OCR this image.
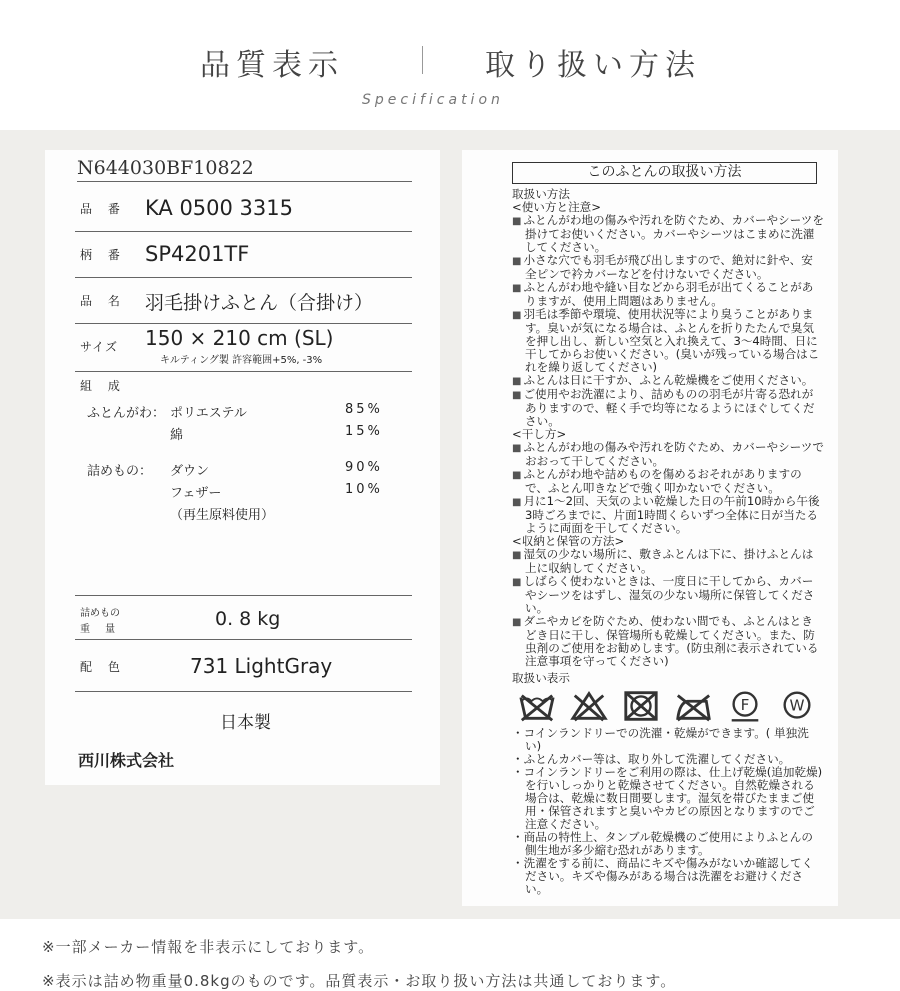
品質表示	取り扱い方法
Specification
N644030BF10822
品 番 KA 0500 3315
柄 番 SP4201TF
品 名 羽毛掛けふとん（合掛け）
サイズ 150 × 210 cm (SL)
キルティング製 許容範囲+5%, -3%
組 成
ふとんがわ： ポリエステル	85%
綿	15%
詰めもの： ダウン	90%
フェザー	10%
（再生原料使用）
詰めもの
重 量	0. 8 kg
配 色	731 LightGray
日本製
西川株式会社
このふとんの取扱い方法
取扱い方法
<使い方と注意>
■ ふとんがわ地の傷みや汚れを防ぐため、カバーやシーツを掛けてお使いください。カバーやシーツはこまめに洗濯してください。
■ 小さな穴でも羽毛が飛び出しますので、絶対に針や、安全ピンで衿カバーなどを付けないでください。
■ ふとんがわ地や縫い目などから羽毛が出てくることがありますが、使用上問題はありません。
■ 羽毛は季節や環境、使用状況等により臭うことがあります。臭いが気になる場合は、ふとんを折りたたんで臭気を押し出し、新しい空気と入れ換えて、3～4時間、日に干してからお使いください。(臭いが残っている場合はこれを繰り返してください)
■ ふとんは日に干すか、ふとん乾燥機をご使用ください。
■ ご使用やお洗濯により、詰めものの羽毛が片寄る恐れがありますので、軽く手で均等になるようにほぐしてください。
<干し方>
■ ふとんがわ地の傷みや汚れを防ぐため、カバーやシーツでおおって干してください。
■ ふとんがわ地や詰めものを傷めるおそれがありますので、ふとん叩きなどで強く叩かないでください。
■ 月に1～2回、天気のよい乾燥した日の午前10時から午後3時ごろまでに、片面1時間くらいずつ全体に日が当たるように両面を干してください。
<収納と保管の方法>
■ 湿気の少ない場所に、敷きふとんは下に、掛けふとんは上に収納してください。
■ しばらく使わないときは、一度日に干してから、カバーやシーツをはずし、湿気の少ない場所に保管してください。
■ ダニやカビを防ぐため、使わない間でも、ふとんはときどき日に干し、保管場所も乾燥してください。また、防虫剤のご使用をお勧めします。(防虫剤に表示されている注意事項を守ってください)
取扱い表示
F	W
・ コインランドリーでの洗濯・乾燥ができます。( 単独洗い)
・ ふとんカバー等は、取り外して洗濯してください。
・ コインランドリーをご利用の際は、仕上げ乾燥(追加乾燥)を行いしっかりと乾燥させてください。自然乾燥される場合は、乾燥に数日間要します。湿気を帯びたままご使用・保管されますと臭いやカビの原因となりますのでご注意ください。
・ 商品の特性上、タンブル乾燥機のご使用によりふとんの側生地が多少縮む恐れがあります。
・ 洗濯をする前に、商品にキズや傷みがないか確認してください。キズや傷みがある場合は洗濯をお避けください。
※一部メーカー情報を非表示にしております。
※表示は詰め物重量0.8kgのものです。品質表示・お取り扱い方法は共通しております。
